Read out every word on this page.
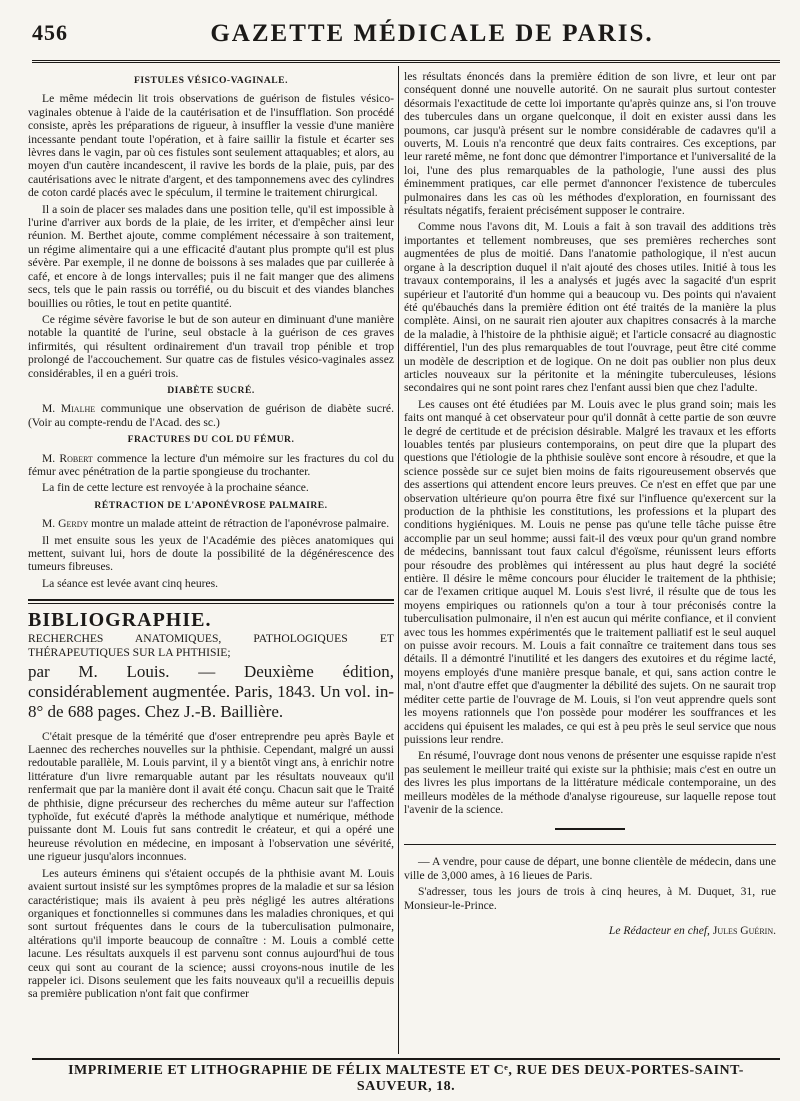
456	GAZETTE MÉDICALE DE PARIS.
FISTULES VÉSICO-VAGINALE.

Le même médecin lit trois observations de guérison de fistules vésico-vaginales obtenue à l'aide de la cautérisation et de l'insufflation. Son procédé consiste, après les préparations de rigueur, à insuffler la vessie d'une manière incessante pendant toute l'opération, et à faire saillir la fistule et écarter ses lèvres dans le vagin, par où ces fistules sont seulement attaquables; et alors, au moyen d'un cautère incandescent, il ravive les bords de la plaie, puis, par des cautérisations avec le nitrate d'argent, et des tamponnemens avec des cylindres de coton cardé placés avec le spéculum, il termine le traitement chirurgical.

Il a soin de placer ses malades dans une position telle, qu'il est impossible à l'urine d'arriver aux bords de la plaie, de les irriter, et d'empêcher ainsi leur réunion. M. Berthet ajoute, comme complément nécessaire à son traitement, un régime alimentaire qui a une efficacité d'autant plus prompte qu'il est plus sévère. Par exemple, il ne donne de boissons à ses malades que par cuillerée à café, et encore à de longs intervalles; puis il ne fait manger que des alimens secs, tels que le pain rassis ou torréfié, ou du biscuit et des viandes blanches bouillies ou rôties, le tout en petite quantité.

Ce régime sévère favorise le but de son auteur en diminuant d'une manière notable la quantité de l'urine, seul obstacle à la guérison de ces graves infirmités, qui résultent ordinairement d'un travail trop pénible et trop prolongé de l'accouchement. Sur quatre cas de fistules vésico-vaginales assez considérables, il en a guéri trois.

DIABÈTE SUCRÉ.

M. Mialhe communique une observation de guérison de diabète sucré. (Voir au compte-rendu de l'Acad. des sc.)

FRACTURES DU COL DU FÉMUR.

M. Robert commence la lecture d'un mémoire sur les fractures du col du fémur avec pénétration de la partie spongieuse du trochanter.

La fin de cette lecture est renvoyée à la prochaine séance.

RÉTRACTION DE L'APONÉVROSE PALMAIRE.

M. Gerdy montre un malade atteint de rétraction de l'aponévrose palmaire.

Il met ensuite sous les yeux de l'Académie des pièces anatomiques qui mettent, suivant lui, hors de doute la possibilité de la dégénérescence des tumeurs fibreuses.

La séance est levée avant cinq heures.

BIBLIOGRAPHIE.
RECHERCHES ANATOMIQUES, PATHOLOGIQUES ET THÉRAPEUTIQUES SUR LA PHTHISIE;
par M. Louis. — Deuxième édition, considérablement augmentée. Paris, 1843. Un vol. in-8° de 688 pages. Chez J.-B. Baillière.

C'était presque de la témérité que d'oser entreprendre peu après Bayle et Laennec des recherches nouvelles sur la phthisie. Cependant, malgré un aussi redoutable parallèle, M. Louis parvint, il y a bientôt vingt ans, à enrichir notre littérature d'un livre remarquable autant par les résultats nouveaux qu'il renfermait que par la manière dont il avait été conçu. Chacun sait que le Traité de phthisie, digne précurseur des recherches du même auteur sur l'affection typhoïde, fut exécuté d'après la méthode analytique et numérique, méthode puissante dont M. Louis fut sans contredit le créateur, et qui a opéré une heureuse révolution en médecine, en imposant à l'observation une sévérité, une rigueur jusqu'alors inconnues.

Les auteurs éminens qui s'étaient occupés de la phthisie avant M. Louis avaient surtout insisté sur les symptômes propres de la maladie et sur sa lésion caractéristique; mais ils avaient à peu près négligé les autres altérations organiques et fonctionnelles si communes dans les maladies chroniques, et qui sont surtout fréquentes dans le cours de la tuberculisation pulmonaire, altérations qu'il importe beaucoup de connaître : M. Louis a comblé cette lacune. Les résultats auxquels il est parvenu sont connus aujourd'hui de tous ceux qui sont au courant de la science; aussi croyons-nous inutile de les rappeler ici. Disons seulement que les faits nouveaux qu'il a recueillis depuis sa première publication n'ont fait que confirmer

les résultats énoncés dans la première édition de son livre, et leur ont par conséquent donné une nouvelle autorité. On ne saurait plus surtout contester désormais l'exactitude de cette loi importante qu'après quinze ans, si l'on trouve des tubercules dans un organe quelconque, il doit en exister aussi dans les poumons, car jusqu'à présent sur le nombre considérable de cadavres qu'il a ouverts, M. Louis n'a rencontré que deux faits contraires. Ces exceptions, par leur rareté même, ne font donc que démontrer l'importance et l'universalité de la loi, l'une des plus remarquables de la pathologie, l'une aussi des plus éminemment pratiques, car elle permet d'annoncer l'existence de tubercules pulmonaires dans les cas où les méthodes d'exploration, en fournissant des résultats négatifs, feraient précisément supposer le contraire.

Comme nous l'avons dit, M. Louis a fait à son travail des additions très importantes et tellement nombreuses, que ses premières recherches sont augmentées de plus de moitié. Dans l'anatomie pathologique, il n'est aucun organe à la description duquel il n'ait ajouté des choses utiles. Initié à tous les travaux contemporains, il les a analysés et jugés avec la sagacité d'un esprit supérieur et l'autorité d'un homme qui a beaucoup vu. Des points qui n'avaient été qu'ébauchés dans la première édition ont été traités de la manière la plus complète. Ainsi, on ne saurait rien ajouter aux chapitres consacrés à la marche de la maladie, à l'histoire de la phthisie aiguë; et l'article consacré au diagnostic différentiel, l'un des plus remarquables de tout l'ouvrage, peut être cité comme un modèle de description et de logique. On ne doit pas oublier non plus deux articles nouveaux sur la péritonite et la méningite tuberculeuses, lésions secondaires qui ne sont point rares chez l'enfant aussi bien que chez l'adulte.

Les causes ont été étudiées par M. Louis avec le plus grand soin; mais les faits ont manqué à cet observateur pour qu'il donnât à cette partie de son œuvre le degré de certitude et de précision désirable. Malgré les travaux et les efforts louables tentés par plusieurs contemporains, on peut dire que la plupart des questions que l'étiologie de la phthisie soulève sont encore à résoudre, et que la science possède sur ce sujet bien moins de faits rigoureusement observés que des assertions qui attendent encore leurs preuves. Ce n'est en effet que par une observation ultérieure qu'on pourra être fixé sur l'influence qu'exercent sur la production de la phthisie les constitutions, les professions et la plupart des conditions hygiéniques. M. Louis ne pense pas qu'une telle tâche puisse être accomplie par un seul homme; aussi fait-il des vœux pour qu'un grand nombre de médecins, bannissant tout faux calcul d'égoïsme, réunissent leurs efforts pour résoudre des problèmes qui intéressent au plus haut degré la société entière. Il désire le même concours pour élucider le traitement de la phthisie; car de l'examen critique auquel M. Louis s'est livré, il résulte que de tous les moyens empiriques ou rationnels qu'on a tour à tour préconisés contre la tuberculisation pulmonaire, il n'en est aucun qui mérite confiance, et il convient avec tous les hommes expérimentés que le traitement palliatif est le seul auquel on puisse avoir recours. M. Louis a fait connaître ce traitement dans tous ses détails. Il a démontré l'inutilité et les dangers des exutoires et du régime lacté, moyens employés d'une manière presque banale, et qui, sans action contre le mal, n'ont d'autre effet que d'augmenter la débilité des sujets. On ne saurait trop méditer cette partie de l'ouvrage de M. Louis, si l'on veut apprendre quels sont les moyens rationnels que l'on possède pour modérer les souffrances et les accidens qui épuisent les malades, ce qui est à peu près le seul service que nous puissions leur rendre.

En résumé, l'ouvrage dont nous venons de présenter une esquisse rapide n'est pas seulement le meilleur traité qui existe sur la phthisie; mais c'est en outre un des livres les plus importans de la littérature médicale contemporaine, un des meilleurs modèles de la méthode d'analyse rigoureuse, sur laquelle repose tout l'avenir de la science.

— A vendre, pour cause de départ, une bonne clientèle de médecin, dans une ville de 3,000 ames, à 16 lieues de Paris.

S'adresser, tous les jours de trois à cinq heures, à M. Duquet, 31, rue Monsieur-le-Prince.

Le Rédacteur en chef, Jules Guérin.
IMPRIMERIE ET LITHOGRAPHIE DE FÉLIX MALTESTE ET Cᵉ, RUE DES DEUX-PORTES-SAINT-SAUVEUR, 18.
